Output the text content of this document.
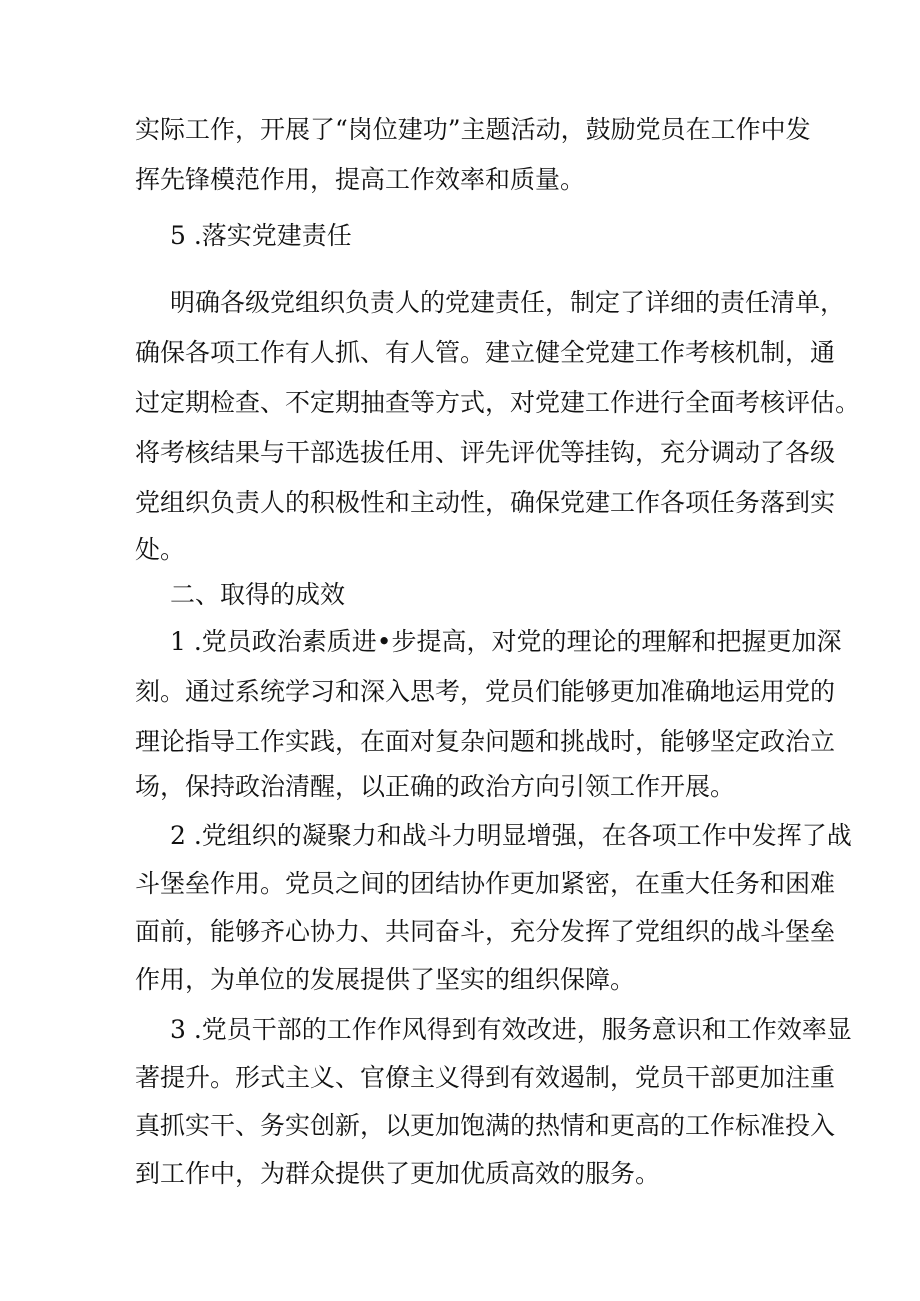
实际工作，开展了“岗位建功”主题活动，鼓励党员在工作中发
挥先锋模范作用，提高工作效率和质量。
5 .落实党建责任
明确各级党组织负责人的党建责任，制定了详细的责任清单，
确保各项工作有人抓、有人管。建立健全党建工作考核机制，通
过定期检查、不定期抽查等方式，对党建工作进行全面考核评估。
将考核结果与干部选拔任用、评先评优等挂钩，充分调动了各级
党组织负责人的积极性和主动性，确保党建工作各项任务落到实
处。
二、取得的成效
1 .党员政治素质进•步提高，对党的理论的理解和把握更加深
刻。通过系统学习和深入思考，党员们能够更加准确地运用党的
理论指导工作实践，在面对复杂问题和挑战时，能够坚定政治立
场，保持政治清醒，以正确的政治方向引领工作开展。
2 .党组织的凝聚力和战斗力明显增强，在各项工作中发挥了战
斗堡垒作用。党员之间的团结协作更加紧密，在重大任务和困难
面前，能够齐心协力、共同奋斗，充分发挥了党组织的战斗堡垒
作用，为单位的发展提供了坚实的组织保障。
3 .党员干部的工作作风得到有效改进，服务意识和工作效率显
著提升。形式主义、官僚主义得到有效遏制，党员干部更加注重
真抓实干、务实创新，以更加饱满的热情和更高的工作标准投入
到工作中，为群众提供了更加优质高效的服务。
